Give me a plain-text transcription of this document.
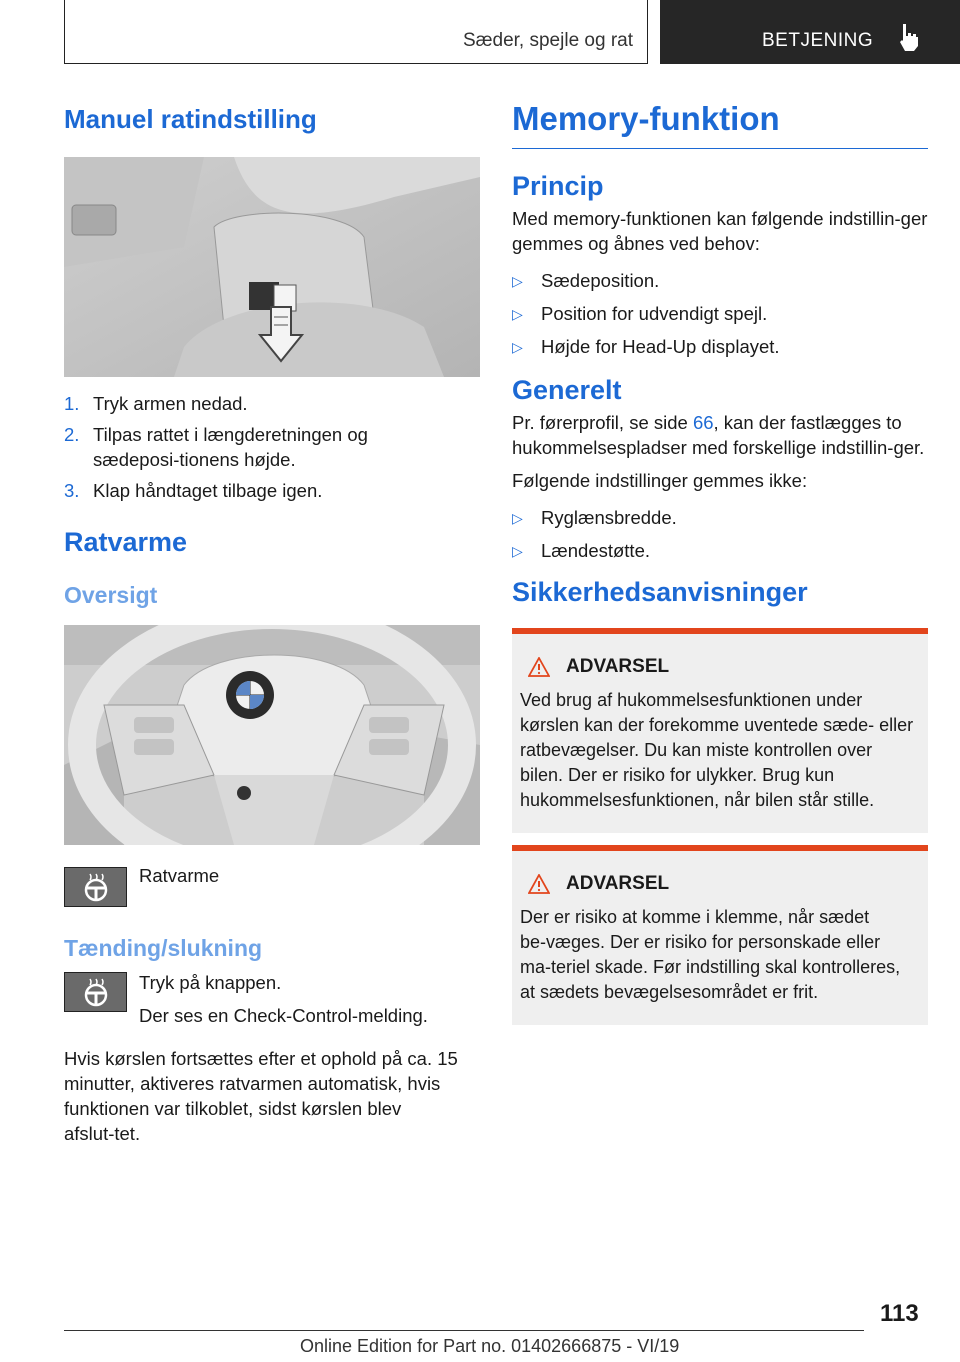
Sæder, spejle og rat	BETJENING
Manuel ratindstilling
1. Tryk armen nedad.
2. Tilpas rattet i længderetningen og sædeposi‑tionens højde.
3. Klap håndtaget tilbage igen.
Ratvarme
Oversigt

Ratvarme

Tænding/slukning

Tryk på knappen.

Der ses en Check-Control-melding.

Hvis kørslen fortsættes efter et ophold på ca. 15 minutter, aktiveres ratvarmen automatisk, hvis funktionen var tilkoblet, sidst kørslen blev afslut‑tet.

Memory-funktion
Princip

Med memory-funktionen kan følgende indstillin‑ger gemmes og åbnes ved behov:

▷ Sædeposition.
▷ Position for udvendigt spejl.
▷ Højde for Head-Up displayet.
Generelt

Pr. førerprofil, se side 66, kan der fastlægges to hukommelsespladser med forskellige indstillin‑ger.

Følgende indstillinger gemmes ikke:

▷ Ryglænsbredde.
▷ Lændestøtte.
Sikkerhedsanvisninger
ADVARSEL

Ved brug af hukommelsesfunktionen under kørslen kan der forekomme uventede sæde- eller ratbevægelser. Du kan miste kontrollen over bilen. Der er risiko for ulykker. Brug kun hukommelsesfunktionen, når bilen står stille.

ADVARSEL

Der er risiko at komme i klemme, når sædet be‑væges. Der er risiko for personskade eller ma‑teriel skade. Før indstilling skal kontrolleres, at sædets bevægelsesområdet er frit.

113
Online Edition for Part no. 01402666875 - VI/19
